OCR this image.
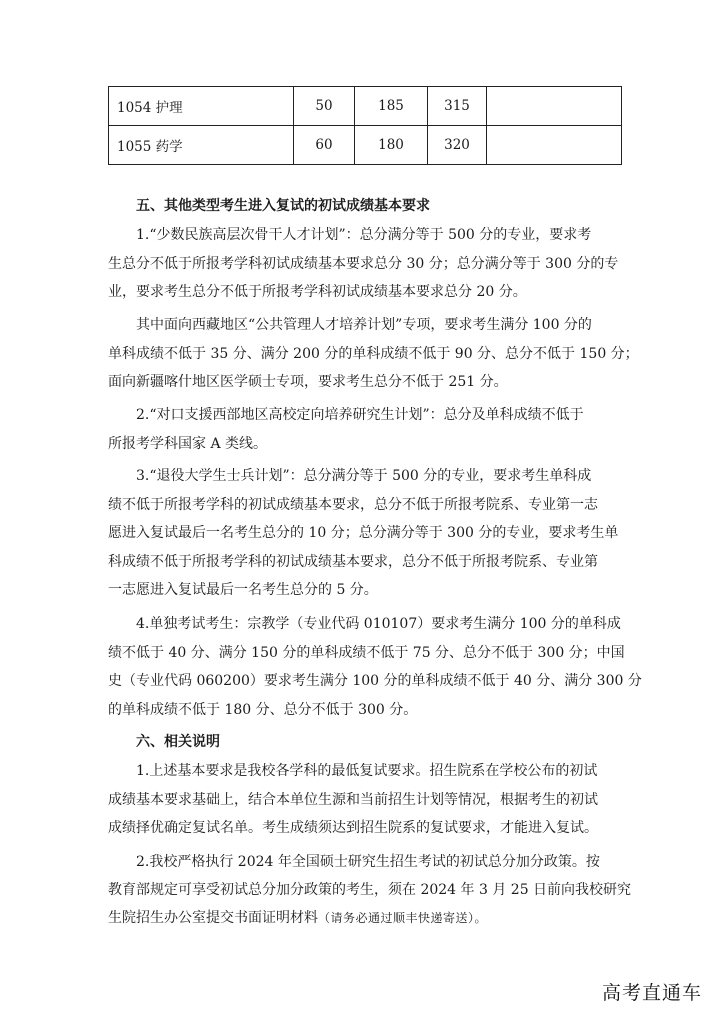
1054 护理	50	185	315	
1055 药学	60	180	320	

五、其他类型考生进入复试的初试成绩基本要求

1.“少数民族高层次骨干人才计划”：总分满分等于 500 分的专业，要求考

生总分不低于所报考学科初试成绩基本要求总分 30 分；总分满分等于 300 分的专

业，要求考生总分不低于所报考学科初试成绩基本要求总分 20 分。

其中面向西藏地区“公共管理人才培养计划”专项，要求考生满分 100 分的

单科成绩不低于 35 分、满分 200 分的单科成绩不低于 90 分、总分不低于 150 分；

面向新疆喀什地区医学硕士专项，要求考生总分不低于 251 分。

2.“对口支援西部地区高校定向培养研究生计划”：总分及单科成绩不低于

所报考学科国家 A 类线。

3.“退役大学生士兵计划”：总分满分等于 500 分的专业，要求考生单科成

绩不低于所报考学科的初试成绩基本要求，总分不低于所报考院系、专业第一志

愿进入复试最后一名考生总分的 10 分；总分满分等于 300 分的专业，要求考生单

科成绩不低于所报考学科的初试成绩基本要求，总分不低于所报考院系、专业第

一志愿进入复试最后一名考生总分的 5 分。

4.单独考试考生：宗教学（专业代码 010107）要求考生满分 100 分的单科成

绩不低于 40 分、满分 150 分的单科成绩不低于 75 分、总分不低于 300 分；中国

史（专业代码 060200）要求考生满分 100 分的单科成绩不低于 40 分、满分 300 分

的单科成绩不低于 180 分、总分不低于 300 分。

六、相关说明

1.上述基本要求是我校各学科的最低复试要求。招生院系在学校公布的初试

成绩基本要求基础上，结合本单位生源和当前招生计划等情况，根据考生的初试

成绩择优确定复试名单。考生成绩须达到招生院系的复试要求，才能进入复试。

2.我校严格执行 2024 年全国硕士研究生招生考试的初试总分加分政策。按

教育部规定可享受初试总分加分政策的考生，须在 2024 年 3 月 25 日前向我校研究

生院招生办公室提交书面证明材料（请务必通过顺丰快递寄送）。

高考直通车
